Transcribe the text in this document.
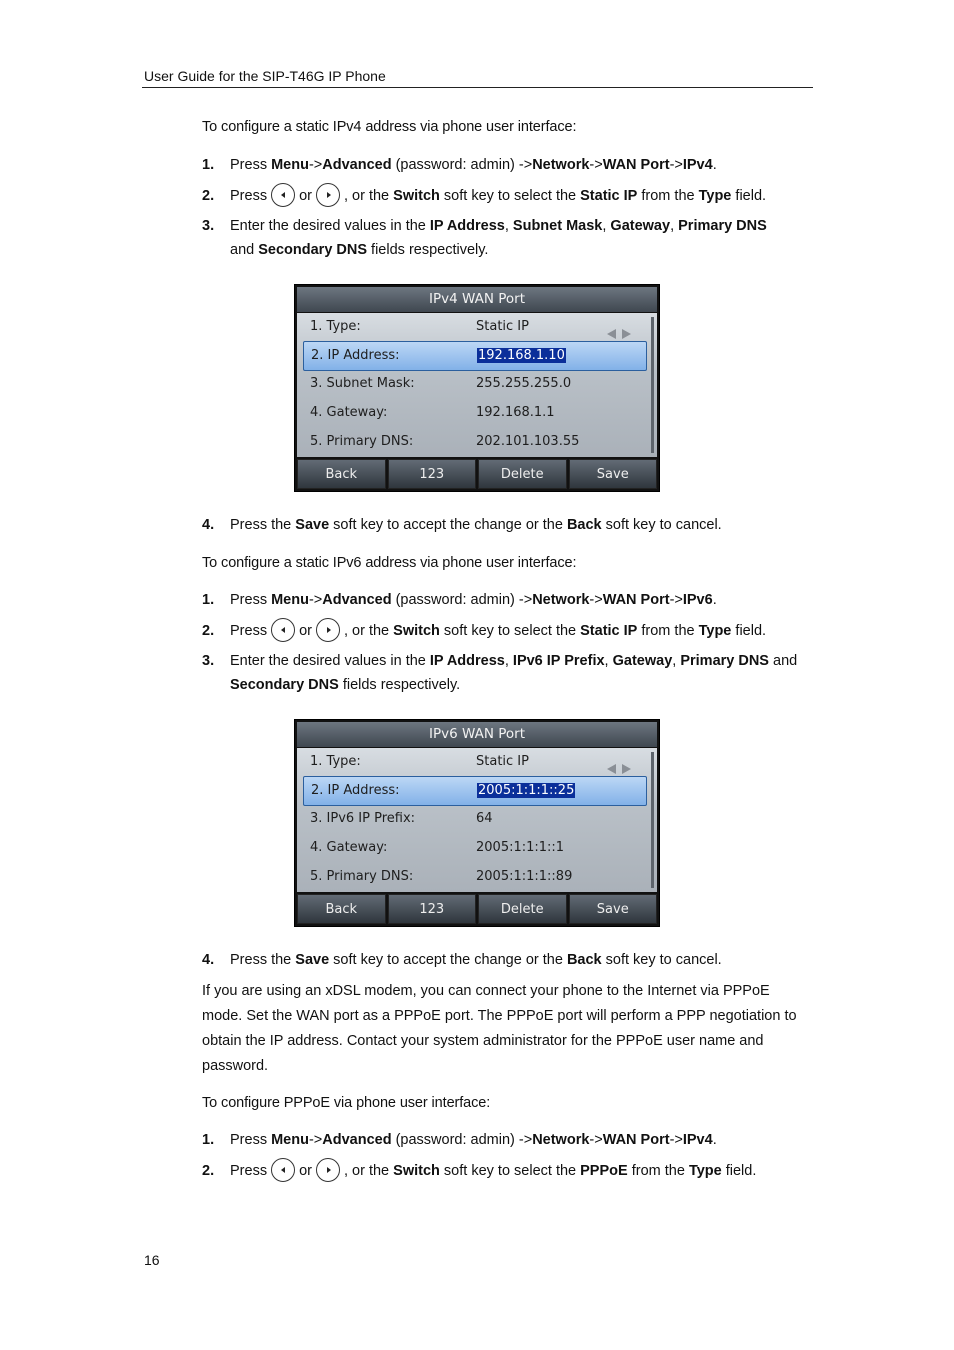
User Guide for the SIP-T46G IP Phone
To configure a static IPv4 address via phone user interface:
1.	Press Menu->Advanced (password: admin) ->Network->WAN Port->IPv4.
2.	Press or , or the Switch soft key to select the Static IP from the Type field.
3.	Enter the desired values in the IP Address, Subnet Mask, Gateway, Primary DNS
and Secondary DNS fields respectively.
IPv4 WAN Port
1. Type:	Static IP
2. IP Address:	192.168.1.10
3. Subnet Mask:	255.255.255.0
4. Gateway:	192.168.1.1
5. Primary DNS:	202.101.103.55
Back	123	Delete	Save
4.	Press the Save soft key to accept the change or the Back soft key to cancel.
To configure a static IPv6 address via phone user interface:
1.	Press Menu->Advanced (password: admin) ->Network->WAN Port->IPv6.
2.	Press or , or the Switch soft key to select the Static IP from the Type field.
3.	Enter the desired values in the IP Address, IPv6 IP Prefix, Gateway, Primary DNS and
Secondary DNS fields respectively.
IPv6 WAN Port
1. Type:	Static IP
2. IP Address:	2005:1:1:1::25
3. IPv6 IP Prefix:	64
4. Gateway:	2005:1:1:1::1
5. Primary DNS:	2005:1:1:1::89
Back	123	Delete	Save
4.	Press the Save soft key to accept the change or the Back soft key to cancel.
If you are using an xDSL modem, you can connect your phone to the Internet via PPPoE mode. Set the WAN port as a PPPoE port. The PPPoE port will perform a PPP negotiation to obtain the IP address. Contact your system administrator for the PPPoE user name and password.
To configure PPPoE via phone user interface:
1.	Press Menu->Advanced (password: admin) ->Network->WAN Port->IPv4.
2.	Press or , or the Switch soft key to select the PPPoE from the Type field.
16
